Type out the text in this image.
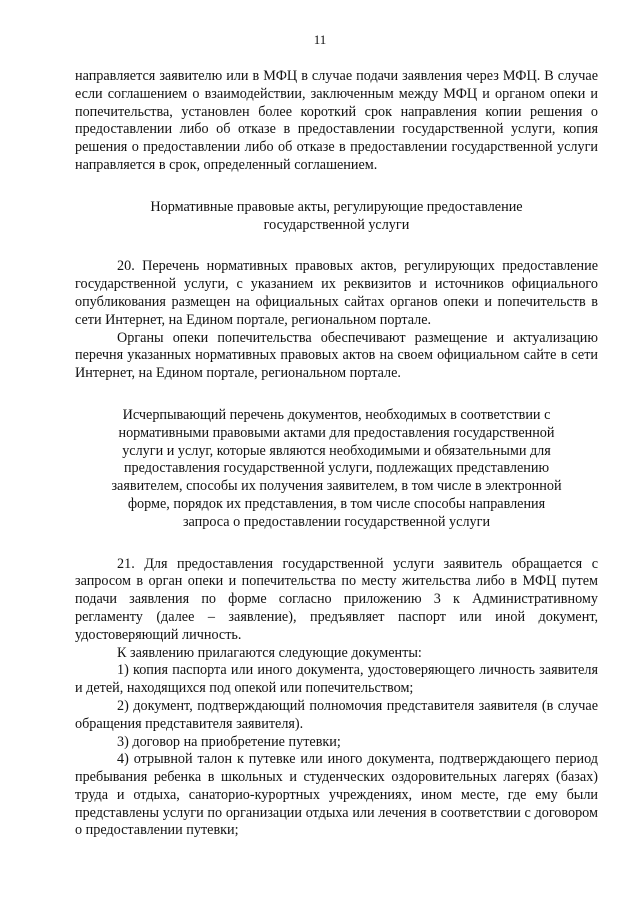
11

направляется заявителю или в МФЦ в случае подачи заявления через МФЦ. В случае если соглашением о взаимодействии, заключенным между МФЦ и органом опеки и попечительства, установлен более короткий срок направления копии решения о предоставлении либо об отказе в предоставлении государственной услуги, копия решения о предоставлении либо об отказе в предоставлении государственной услуги направляется в срок, определенный соглашением.

Нормативные правовые акты, регулирующие предоставление государственной услуги

20. Перечень нормативных правовых актов, регулирующих предоставление государственной услуги, с указанием их реквизитов и источников официального опубликования размещен на официальных сайтах органов опеки и попечительств в сети Интернет, на Едином портале, региональном портале.

Органы опеки попечительства обеспечивают размещение и актуализацию перечня указанных нормативных правовых актов на своем официальном сайте в сети Интернет, на Едином портале, региональном портале.

Исчерпывающий перечень документов, необходимых в соответствии с нормативными правовыми актами для предоставления государственной услуги и услуг, которые являются необходимыми и обязательными для предоставления государственной услуги, подлежащих представлению заявителем, способы их получения заявителем, в том числе в электронной форме, порядок их представления, в том числе способы направления запроса о предоставлении государственной услуги

21. Для предоставления государственной услуги заявитель обращается с запросом в орган опеки и попечительства по месту жительства либо в МФЦ путем подачи заявления по форме согласно приложению 3 к Административному регламенту (далее – заявление), предъявляет паспорт или иной документ, удостоверяющий личность.

К заявлению прилагаются следующие документы:

1) копия паспорта или иного документа, удостоверяющего личность заявителя и детей, находящихся под опекой или попечительством;

2) документ, подтверждающий полномочия представителя заявителя (в случае обращения представителя заявителя).

3) договор на приобретение путевки;

4) отрывной талон к путевке или иного документа, подтверждающего период пребывания ребенка в школьных и студенческих оздоровительных лагерях (базах) труда и отдыха, санаторио-курортных учреждениях, ином месте, где ему были представлены услуги по организации отдыха или лечения в соответствии с договором о предоставлении путевки;
